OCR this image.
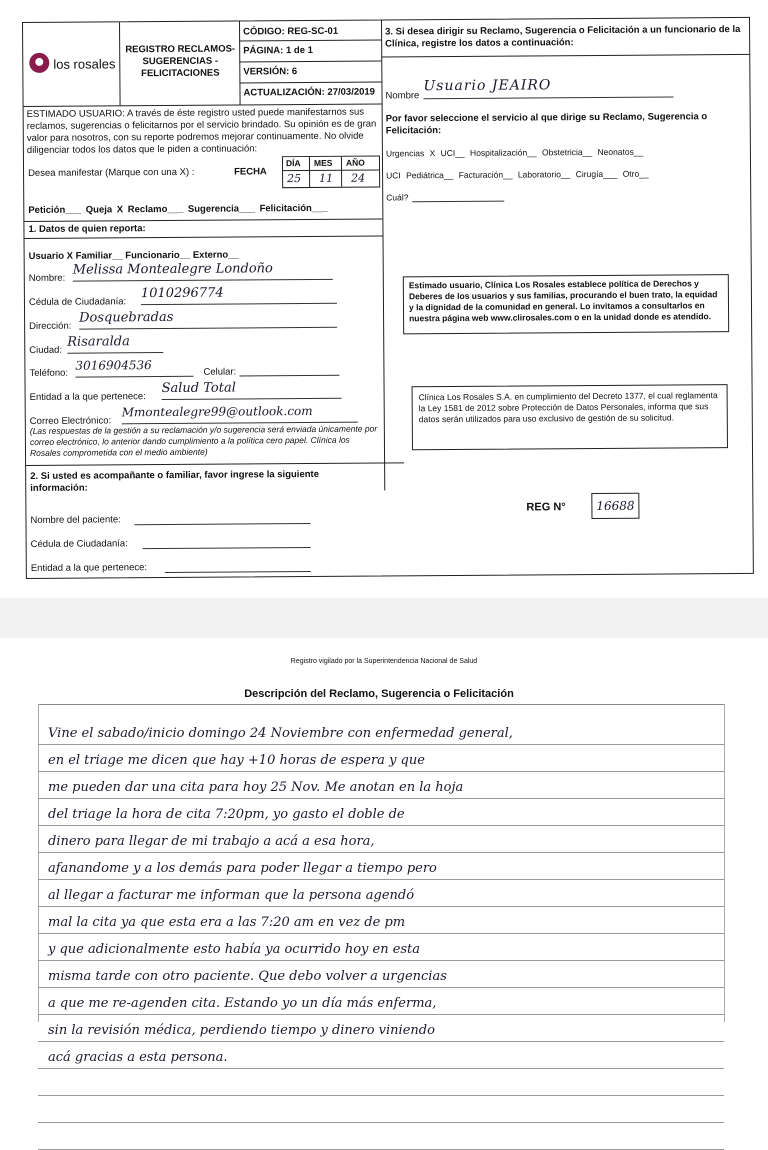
los rosales
REGISTRO RECLAMOS-SUGERENCIAS - FELICITACIONES
CÓDIGO: REG-SC-01
PÁGINA: 1 de 1
VERSIÓN: 6
ACTUALIZACIÓN: 27/03/2019
ESTIMADO USUARIO: A través de éste registro usted puede manifestarnos sus reclamos, sugerencias o felicitarnos por el servicio brindado. Su opinión es de gran valor para nosotros, con su reporte podremos mejorar continuamente. No olvide diligenciar todos los datos que le piden a continuación:
Desea manifestar (Marque con una X) :	FECHA
DÍA MES AÑO
25 11 24
Petición___ Queja X Reclamo___ Sugerencia___ Felicitación___
1. Datos de quien reporta:
Usuario X Familiar__ Funcionario__ Externo__
Nombre:
Melissa Montealegre Londoño
Cédula de Ciudadanía:
1010296774
Dirección:
Dosquebradas
Ciudad:
Risaralda
Teléfono:
3016904536	Celular:
Entidad a la que pertenece:
Salud Total
Correo Electrónico:
Mmontealegre99@outlook.com
(Las respuestas de la gestión a su reclamación y/o sugerencia será enviada únicamente por correo electrónico, lo anterior dando cumplimiento a la política cero papel. Clínica los Rosales comprometida con el medio ambiente)
2. Si usted es acompañante o familiar, favor ingrese la siguiente información:
Nombre del paciente:
Cédula de Ciudadanía:
Entidad a la que pertenece:
3. Si desea dirigir su Reclamo, Sugerencia o Felicitación a un funcionario de la Clínica, registre los datos a continuación:
Nombre
Usuario JEAIRO
Por favor seleccione el servicio al que dirige su Reclamo, Sugerencia o Felicitación:
Urgencias X UCI__ Hospitalización__ Obstetricia__ Neonatos__
UCI Pediátrica__ Facturación__ Laboratorio__ Cirugía___ Otro__
Cuál?
Estimado usuario, Clínica Los Rosales establece política de Derechos y Deberes de los usuarios y sus familias, procurando el buen trato, la equidad y la dignidad de la comunidad en general. Lo invitamos a consultarlos en nuestra página web www.clirosales.com o en la unidad donde es atendido.
Clínica Los Rosales S.A. en cumplimiento del Decreto 1377, el cual reglamenta la Ley 1581 de 2012 sobre Protección de Datos Personales, informa que sus datos serán utilizados para uso exclusivo de gestión de su solicitud.
REG N°	16688
Registro vigilado por la Superintendencia Nacional de Salud
Descripción del Reclamo, Sugerencia o Felicitación
Vine el sabado/inicio domingo 24 Noviembre con enfermedad general,
en el triage me dicen que hay +10 horas de espera y que
me pueden dar una cita para hoy 25 Nov. Me anotan en la hoja
del triage la hora de cita 7:20pm, yo gasto el doble de
dinero para llegar de mi trabajo a acá a esa hora,
afanandome y a los demás para poder llegar a tiempo pero
al llegar a facturar me informan que la persona agendó
mal la cita ya que esta era a las 7:20 am en vez de pm
y que adicionalmente esto había ya ocurrido hoy en esta
misma tarde con otro paciente. Que debo volver a urgencias
a que me re-agenden cita. Estando yo un día más enferma,
sin la revisión médica, perdiendo tiempo y dinero viniendo
acá gracias a esta persona.
